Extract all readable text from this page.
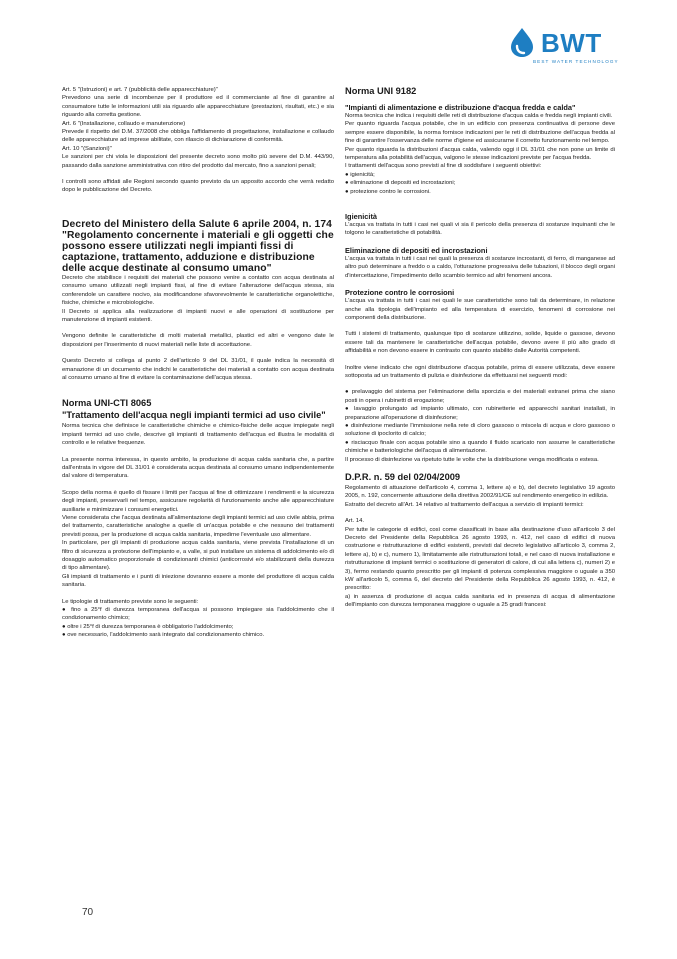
BWT
BEST WATER TECHNOLOGY

Art. 5 "(Istruzioni) e art. 7 (pubblicità delle apparecchiature)"

Prevedono una serie di incombenze per il produttore ed il commerciante al fine di garantire al consumatore tutte le informazioni utili sia riguardo alle apparecchiature (prestazioni, risultati, etc.) e sia riguardo alla corretta gestione.

Art. 6 "(Installazione, collaudo e manutenzione)

Prevede il rispetto del D.M. 37/2008 che obbliga l'affidamento di progettazione, installazione e collaudo delle apparecchiature ad imprese abilitate, con rilascio di dichiarazione di conformità.

Art. 10 "(Sanzioni)"

Le sanzioni per chi viola le disposizioni del presente decreto sono molto più severe del D.M. 443/90, passando dalla sanzione amministrativa con ritiro del prodotto dal mercato, fino a sanzioni penali;

I controlli sono affidati alle Regioni secondo quanto previsto da un apposito accordo che verrà redatto dopo le pubblicazione del Decreto.

Decreto del Ministero della Salute 6 aprile 2004, n. 174 "Regolamento concernente i materiali e gli oggetti che possono essere utilizzati negli impianti fissi di captazione, trattamento, adduzione e distribuzione delle acque destinate al consumo umano"

Decreto che stabilisce i requisiti dei materiali che possono venire a contatto con acqua destinata al consumo umano utilizzati negli impianti fissi, al fine di evitare l'alterazione dell'acqua stessa, sia conferendole un carattere nocivo, sia modificandone sfavorevolmente le caratteristiche organolettiche, fisiche, chimiche e microbiologiche.

Il Decreto si applica alla realizzazione di impianti nuovi e alle operazioni di sostituzione per manutenzione di impianti esistenti.

Vengono definite le caratteristiche di molti materiali metallici, plastici ed altri e vengono date le disposizioni per l'inserimento di nuovi materiali nelle liste di accettazione.

Questo Decreto si collega al punto 2 dell'articolo 9 del DL 31/01, il quale indica la necessità di emanazione di un documento che indichi le caratteristiche dei materiali a contatto con acqua destinata al consumo umano al fine di evitare la contaminazione dell'acqua stessa.

Norma UNI-CTI 8065
"Trattamento dell'acqua negli impianti termici ad uso civile"

Norma tecnica che definisce le caratteristiche chimiche e chimico-fisiche delle acque impiegate negli impianti termici ad uso civile, descrive gli impianti di trattamento dell'acqua ed illustra le modalità di controllo e le relative frequenze.

La presente norma interessa, in questo ambito, la produzione di acqua calda sanitaria che, a partire dall'entrata in vigore del DL 31/01 è considerata acqua destinata al consumo umano indipendentemente dal valore di temperatura.

Scopo della norma è quello di fissare i limiti per l'acqua al fine di ottimizzare i rendimenti e la sicurezza degli impianti, preservarli nel tempo, assicurare regolarità di funzionamento anche alle apparecchiature ausiliarie e minimizzare i consumi energetici.

Viene considerata che l'acqua destinata all'alimentazione degli impianti termici ad uso civile abbia, prima del trattamento, caratteristiche analoghe a quelle di un'acqua potabile e che nessuno dei trattamenti previsti possa, per la produzione di acqua calda sanitaria, impedirne l'eventuale uso alimentare.

In particolare, per gli impianti di produzione acqua calda sanitaria, viene prevista l'installazione di un filtro di sicurezza a protezione dell'impianto e, a valle, si può installare un sistema di addolcimento e/o di dosaggio automatico proporzionale di condizionanti chimici (anticorrosivi e/o stabilizzanti della durezza di tipo alimentare).

Gli impianti di trattamento e i punti di iniezione dovranno essere a monte del produttore di acqua calda sanitaria.

Le tipologie di trattamento previste sono le seguenti:

● fino a 25°f di durezza temporanea dell'acqua si possono impiegare sia l'addolcimento che il condizionamento chimico;

● oltre i 25°f di durezza temporanea è obbligatorio l'addolcimento;

● ove necessario, l'addolcimento sarà integrato dal condizionamento chimico.

Norma UNI 9182
"Impianti di alimentazione e distribuzione d'acqua fredda e calda"

Norma tecnica che indica i requisiti delle reti di distribuzione d'acqua calda e fredda negli impianti civili.

Per quanto riguarda l'acqua potabile, che in un edificio con presenza continuativa di persone deve sempre essere disponibile, la norma fornisce indicazioni per le reti di distribuzione dell'acqua fredda al fine di garantire l'osservanza delle norme d'igiene ed assicurarne il corretto funzionamento nel tempo.

Per quanto riguarda la distribuzioni d'acqua calda, valendo oggi il DL 31/01 che non pone un limite di temperatura alla potabilità dell'acqua, valgono le stesse indicazioni previste per l'acqua fredda.

I trattamenti dell'acqua sono previsti al fine di soddisfare i seguenti obiettivi:

● igienicità;

● eliminazione di depositi ed incrostazioni;

● protezione contro le corrosioni.

Igienicità

L'acqua va trattata in tutti i casi nei quali vi sia il pericolo della presenza di sostanze inquinanti che le tolgono le caratteristiche di potabilità.

Eliminazione di depositi ed incrostazioni

L'acqua va trattata in tutti i casi nei quali la presenza di sostanze incrostanti, di ferro, di manganese ad altro può determinare a freddo o a caldo, l'otturazione progressiva delle tubazioni, il blocco degli organi d'intercettazione, l'impedimento dello scambio termico ad altri fenomeni ancora.

Protezione contro le corrosioni

L'acqua va trattata in tutti i casi nei quali le sue caratteristiche sono tali da determinare, in relazione anche alla tipologia dell'impianto ed alla temperatura di esercizio, fenomeni di corrosione nei componenti della distribuzione.

Tutti i sistemi di trattamento, qualunque tipo di sostanze utilizzino, solide, liquide o gassose, devono essere tali da mantenere le caratteristiche dell'acqua potabile, devono avere il più alto grado di affidabilità e non devono essere in contrasto con quanto stabilito dalle Autorità competenti.

Inoltre viene indicato che ogni distribuzione d'acqua potabile, prima di essere utilizzata, deve essere sottoposta ad un trattamento di pulizia e disinfezione da effettuarsi nei seguenti modi:

● prelavaggio del sistema per l'eliminazione della sporcizia e dei materiali estranei prima che siano posti in opera i rubinetti di erogazione;

● lavaggio prolungato ad impianto ultimato, con rubinetterie ed apparecchi sanitari installati, in preparazione all'operazione di disinfezione;

● disinfezione mediante l'immissione nella rete di cloro gassoso o miscela di acqua e cloro gassoso o soluzione di ipoclorito di calcio;

● risciacquo finale con acqua potabile sino a quando il fluido scaricato non assume le caratteristiche chimiche e batteriologiche dell'acqua di alimentazione.

Il processo di disinfezione va ripetuto tutte le volte che la distribuzione venga modificata o estesa.

D.P.R. n. 59 del 02/04/2009

Regolamento di attuazione dell'articolo 4, comma 1, lettere a) e b), del decreto legislativo 19 agosto 2005, n. 192, concernente attuazione della direttiva 2002/91/CE sul rendimento energetico in edilizia.

Estratto del decreto all'Art. 14 relativo al trattamento dell'acqua a servizio di impianti termici:

Art. 14.

Per tutte le categorie di edifici, così come classificati in base alla destinazione d'uso all'articolo 3 del Decreto del Presidente della Repubblica 26 agosto 1993, n. 412, nel caso di edifici di nuova costruzione e ristrutturazione di edifici esistenti, previsti dal decreto legislativo all'articolo 3, comma 2, lettere a), b) e c), numero 1), limitatamente alle ristrutturazioni totali, e nel caso di nuova installazione e ristrutturazione di impianti termici o sostituzione di generatori di calore, di cui alla lettera c), numeri 2) e 3), fermo restando quanto prescritto per gli impianti di potenza complessiva maggiore o uguale a 350 kW all'articolo 5, comma 6, del decreto del Presidente della Repubblica 26 agosto 1993, n. 412, è prescritto:

a) in assenza di produzione di acqua calda sanitaria ed in presenza di acqua di alimentazione dell'impianto con durezza temporanea maggiore o uguale a 25 gradi francesi:

70
